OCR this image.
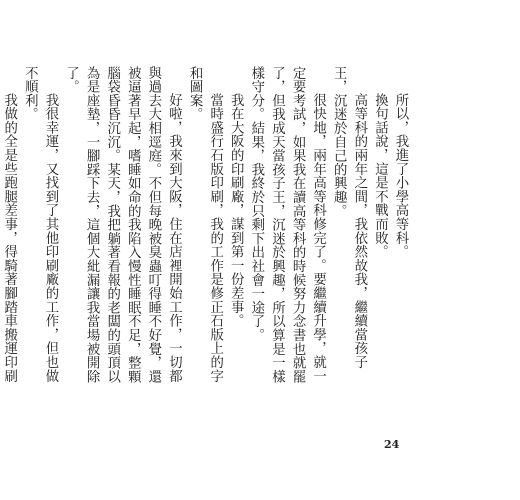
所以，我進了小學高等科。

換句話說，這是不戰而敗。

高等科的兩年之間，我依然故我，繼續當孩子王，沉迷於自己的興趣。

很快地，兩年高等科修完了。要繼續升學，就一定要考試，如果我在讀高等科的時候努力念書也就罷了，但我成天當孩子王，沉迷於興趣，所以算是一樣樣守分。結果，我終於只剩下出社會一途了。

我在大阪的印刷廠，謀到第一份差事。

當時盛行石版印刷，我的工作是修正石版上的字和圖案。

好啦，我來到大阪，住在店裡開始工作，一切都與過去大相逕庭。不但每晚被臭蟲叮得睡不好覺，還被逼著早起，嗜睡如命的我陷入慢性睡眠不足，整顆腦袋昏昏沉沉。某天，我把躺著看報的老闆的頭頂以為是座墊，一腳踩下去，這個大紕漏讓我當場被開除了。

我很幸運，又找到了其他印刷廠的工作，但也做不順利。

我做的全是些跑腿差事，得騎著腳踏車搬運印刷

24
